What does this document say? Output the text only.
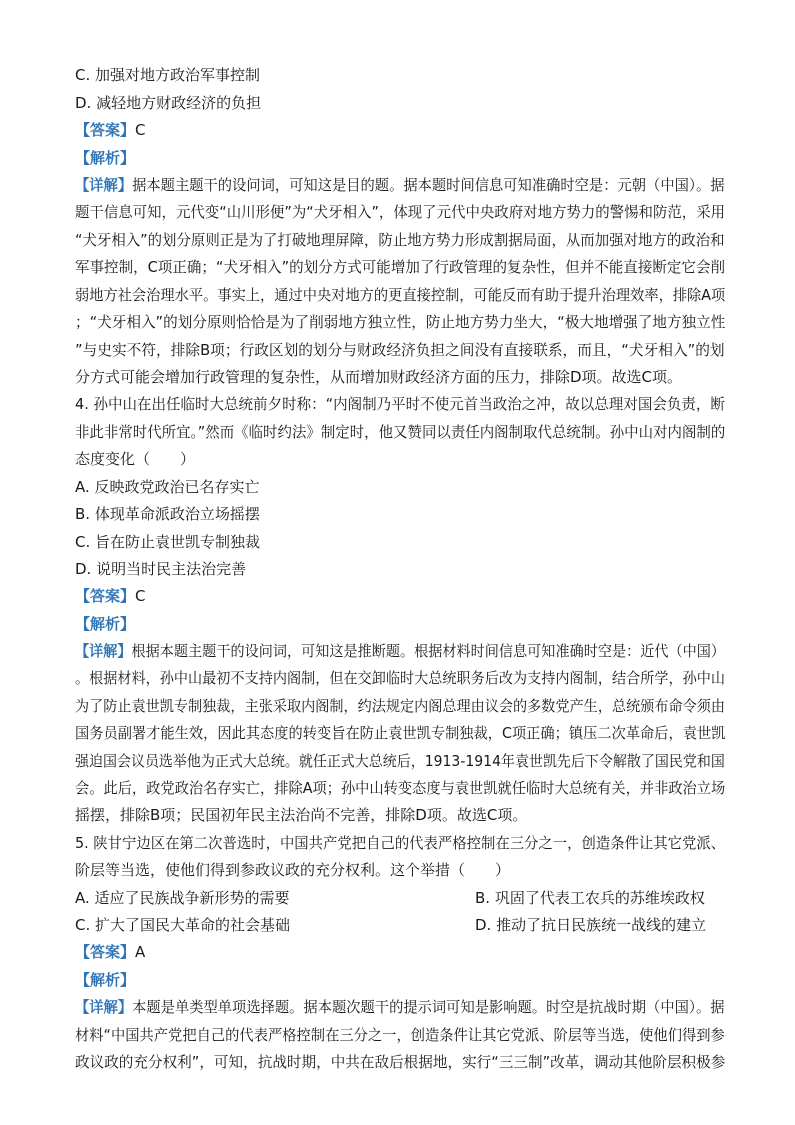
C. 加强对地方政治军事控制
D. 减轻地方财政经济的负担
【答案】C
【解析】
【详解】据本题主题干的设问词，可知这是目的题。据本题时间信息可知准确时空是：元朝（中国）。据
题干信息可知，元代变“山川形便”为“犬牙相入”，体现了元代中央政府对地方势力的警惕和防范，采用
“犬牙相入”的划分原则正是为了打破地理屏障，防止地方势力形成割据局面，从而加强对地方的政治和
军事控制，C项正确；“犬牙相入”的划分方式可能增加了行政管理的复杂性，但并不能直接断定它会削
弱地方社会治理水平。事实上，通过中央对地方的更直接控制，可能反而有助于提升治理效率，排除A项
；“犬牙相入”的划分原则恰恰是为了削弱地方独立性，防止地方势力坐大，“极大地增强了地方独立性
”与史实不符，排除B项；行政区划的划分与财政经济负担之间没有直接联系，而且，“犬牙相入”的划
分方式可能会增加行政管理的复杂性，从而增加财政经济方面的压力，排除D项。故选C项。
4. 孙中山在出任临时大总统前夕时称：“内阁制乃平时不使元首当政治之冲，故以总理对国会负责，断
非此非常时代所宜。”然而《临时约法》制定时，他又赞同以责任内阁制取代总统制。孙中山对内阁制的
态度变化（　　）
A. 反映政党政治已名存实亡
B. 体现革命派政治立场摇摆
C. 旨在防止袁世凯专制独裁
D. 说明当时民主法治完善
【答案】C
【解析】
【详解】根据本题主题干的设问词，可知这是推断题。根据材料时间信息可知准确时空是：近代（中国）
。根据材料，孙中山最初不支持内阁制，但在交卸临时大总统职务后改为支持内阁制，结合所学，孙中山
为了防止袁世凯专制独裁，主张采取内阁制，约法规定内阁总理由议会的多数党产生，总统颁布命令须由
国务员副署才能生效，因此其态度的转变旨在防止袁世凯专制独裁，C项正确；镇压二次革命后，袁世凯
强迫国会议员选举他为正式大总统。就任正式大总统后，1913-1914年袁世凯先后下令解散了国民党和国
会。此后，政党政治名存实亡，排除A项；孙中山转变态度与袁世凯就任临时大总统有关，并非政治立场
摇摆，排除B项；民国初年民主法治尚不完善，排除D项。故选C项。
5. 陕甘宁边区在第二次普选时，中国共产党把自己的代表严格控制在三分之一，创造条件让其它党派、
阶层等当选，使他们得到参政议政的充分权利。这个举措（　　）
A. 适应了民族战争新形势的需要	B. 巩固了代表工农兵的苏维埃政权
C. 扩大了国民大革命的社会基础	D. 推动了抗日民族统一战线的建立
【答案】A
【解析】
【详解】本题是单类型单项选择题。据本题次题干的提示词可知是影响题。时空是抗战时期（中国）。据
材料“中国共产党把自己的代表严格控制在三分之一，创造条件让其它党派、阶层等当选，使他们得到参
政议政的充分权利”，可知，抗战时期，中共在敌后根据地，实行“三三制”改革，调动其他阶层积极参
